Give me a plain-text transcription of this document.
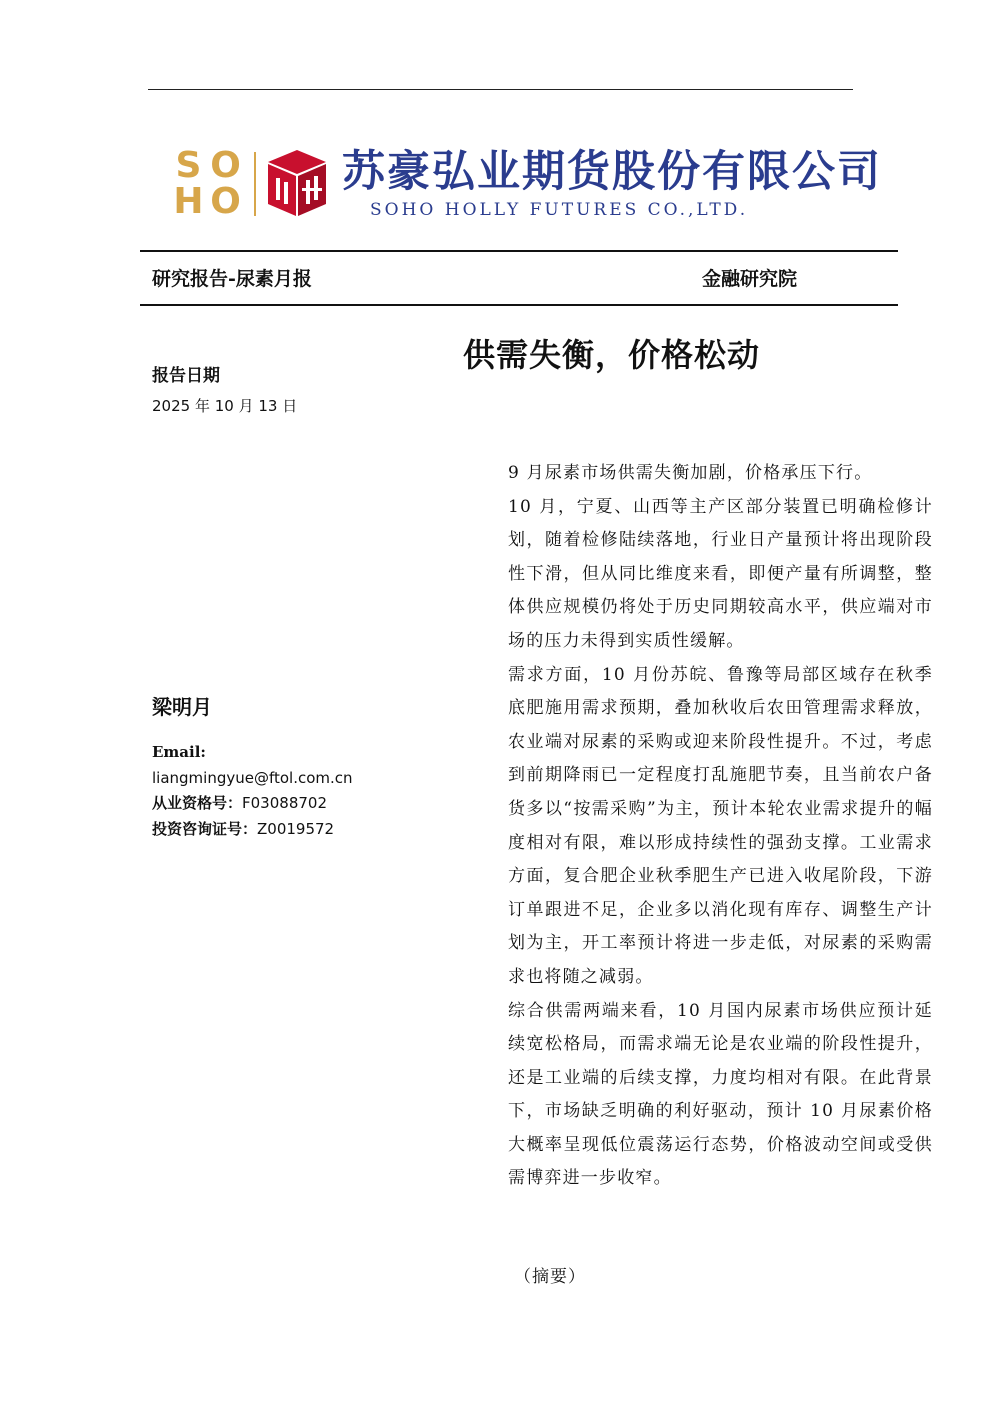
S O
H O
苏豪弘业期货股份有限公司
SOHO HOLLY FUTURES CO.,LTD.
研究报告-尿素月报	金融研究院
供需失衡，价格松动
报告日期
2025 年 10 月 13 日
梁明月
Email:
liangmingyue@ftol.com.cn
从业资格号：F03088702
投资咨询证号：Z0019572

9 月尿素市场供需失衡加剧，价格承压下行。

10 月，宁夏、山西等主产区部分装置已明确检修计划，随着检修陆续落地，行业日产量预计将出现阶段性下滑，但从同比维度来看，即便产量有所调整，整体供应规模仍将处于历史同期较高水平，供应端对市场的压力未得到实质性缓解。

需求方面，10 月份苏皖、鲁豫等局部区域存在秋季底肥施用需求预期，叠加秋收后农田管理需求释放，农业端对尿素的采购或迎来阶段性提升。不过，考虑到前期降雨已一定程度打乱施肥节奏，且当前农户备货多以“按需采购”为主，预计本轮农业需求提升的幅度相对有限，难以形成持续性的强劲支撑。工业需求方面，复合肥企业秋季肥生产已进入收尾阶段，下游订单跟进不足，企业多以消化现有库存、调整生产计划为主，开工率预计将进一步走低，对尿素的采购需求也将随之减弱。

综合供需两端来看，10 月国内尿素市场供应预计延续宽松格局，而需求端无论是农业端的阶段性提升，还是工业端的后续支撑，力度均相对有限。在此背景下，市场缺乏明确的利好驱动，预计 10 月尿素价格大概率呈现低位震荡运行态势，价格波动空间或受供需博弈进一步收窄。

（摘要）
